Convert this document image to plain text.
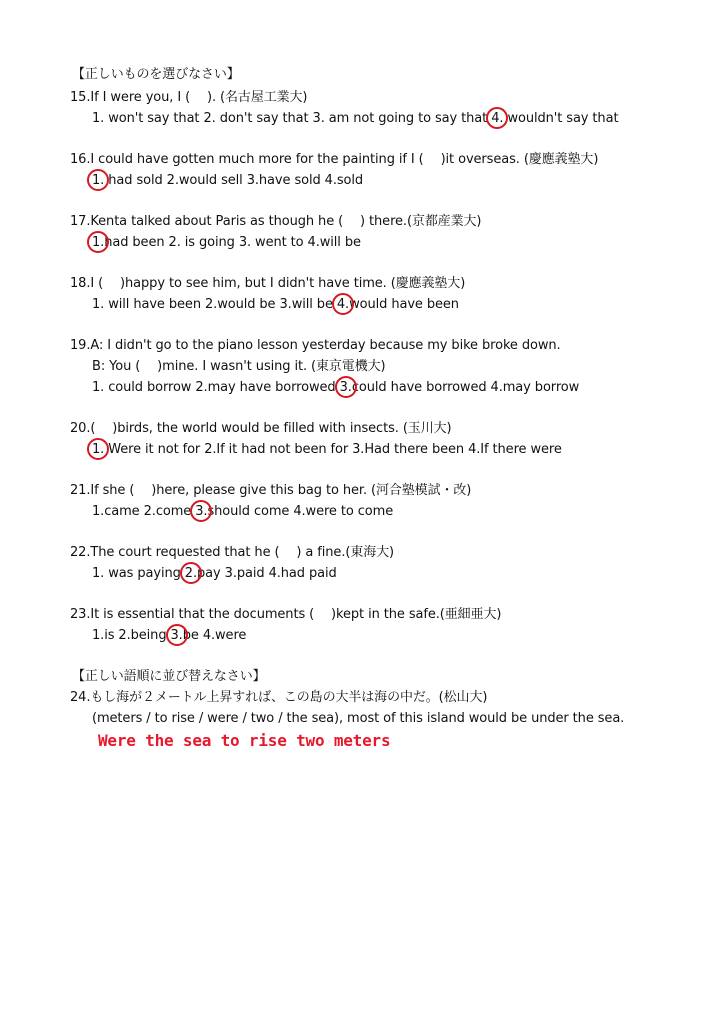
【正しいものを選びなさい】
15.If I were you, I (　 ). (名古屋工業大)
1. won't say that 2. don't say that 3. am not going to say that 4. wouldn't say that
16.I could have gotten much more for the painting if I (　 )it overseas. (慶應義塾大)
1. had sold 2.would sell 3.have sold 4.sold
17.Kenta talked about Paris as though he (　 ) there.(京都産業大)
1.had been 2. is going 3. went to 4.will be
18.I (　 )happy to see him, but I didn't have time. (慶應義塾大)
1. will have been 2.would be 3.will be 4.would have been
19.A: I didn't go to the piano lesson yesterday because my bike broke down.
B: You (　 )mine. I wasn't using it. (東京電機大)
1. could borrow 2.may have borrowed 3.could have borrowed 4.may borrow
20.(　 )birds, the world would be filled with insects. (玉川大)
1. Were it not for 2.If it had not been for 3.Had there been 4.If there were
21.If she (　 )here, please give this bag to her. (河合塾模試・改)
1.came 2.come 3.should come 4.were to come
22.The court requested that he (　 ) a fine.(東海大)
1. was paying 2.pay 3.paid 4.had paid
23.It is essential that the documents (　 )kept in the safe.(亜細亜大)
1.is 2.being 3.be 4.were
【正しい語順に並び替えなさい】
24.もし海が２メートル上昇すれば、この島の大半は海の中だ。(松山大)
(meters / to rise / were / two / the sea), most of this island would be under the sea.
Were the sea to rise two meters
